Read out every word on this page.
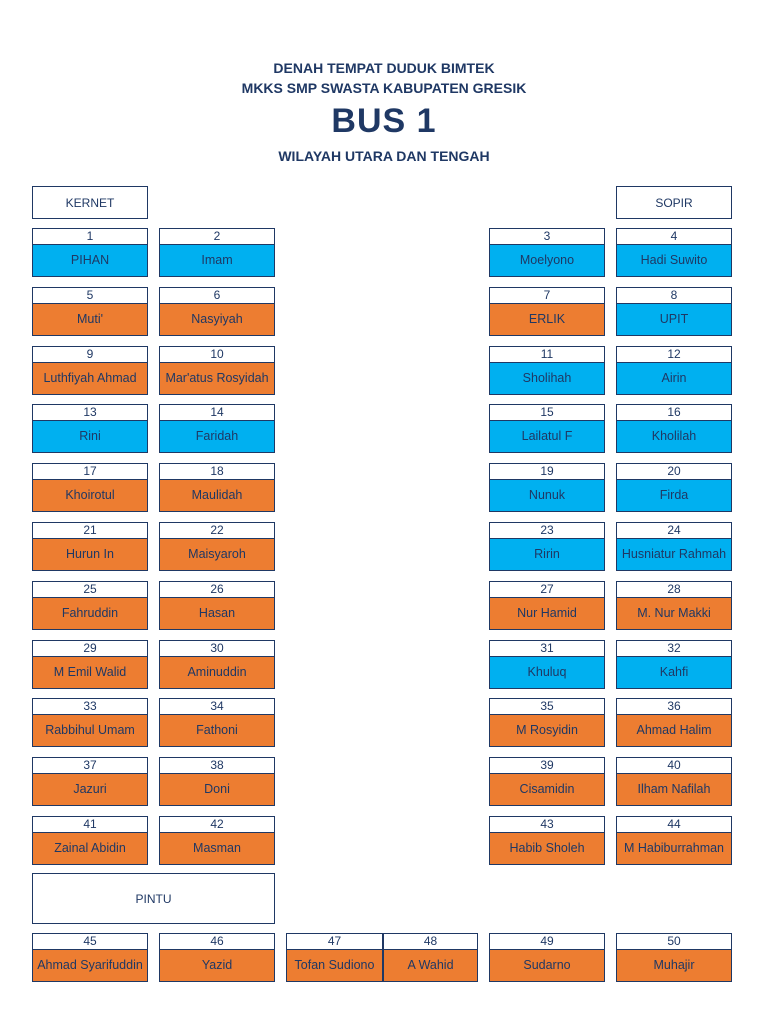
DENAH TEMPAT DUDUK BIMTEK
MKKS SMP SWASTA KABUPATEN GRESIK
BUS 1
WILAYAH UTARA DAN TENGAH
KERNET	SOPIR
PINTU
1
PIHAN
2
Imam
3
Moelyono
4
Hadi Suwito
5
Muti'
6
Nasyiyah
7
ERLIK
8
UPIT
9
Luthfiyah Ahmad
10
Mar'atus Rosyidah
11
Sholihah
12
Airin
13
Rini
14
Faridah
15
Lailatul F
16
Kholilah
17
Khoirotul
18
Maulidah
19
Nunuk
20
Firda
21
Hurun In
22
Maisyaroh
23
Ririn
24
Husniatur Rahmah
25
Fahruddin
26
Hasan
27
Nur Hamid
28
M. Nur Makki
29
M Emil Walid
30
Aminuddin
31
Khuluq
32
Kahfi
33
Rabbihul Umam
34
Fathoni
35
M Rosyidin
36
Ahmad Halim
37
Jazuri
38
Doni
39
Cisamidin
40
Ilham Nafilah
41
Zainal Abidin
42
Masman
43
Habib Sholeh
44
M Habiburrahman
45
Ahmad Syarifuddin
46
Yazid
47
Tofan Sudiono
48
A Wahid
49
Sudarno
50
Muhajir
